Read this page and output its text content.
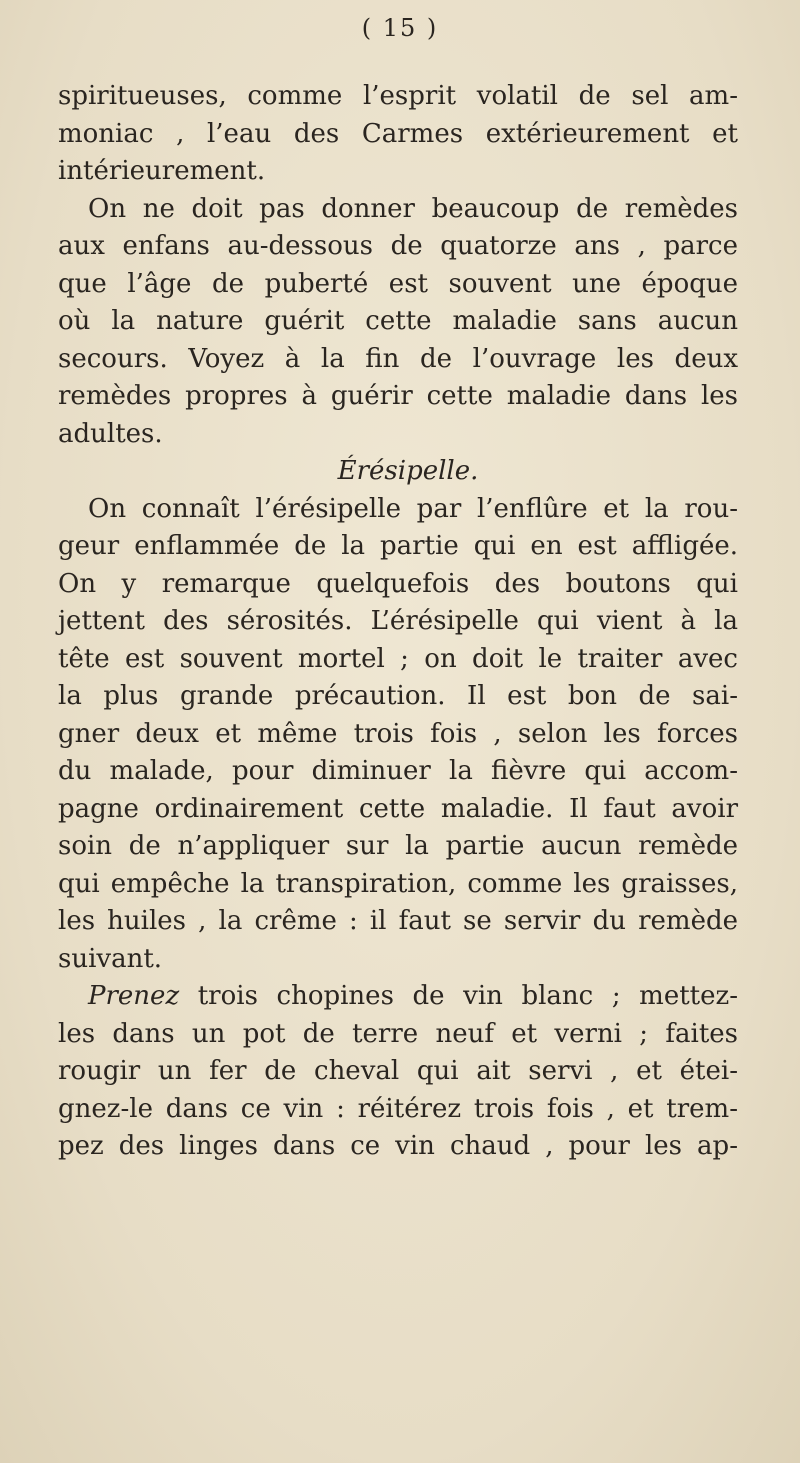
( 15 )
spiritueuses, comme l’esprit volatil de sel am-
moniac , l’eau des Carmes extérieurement et
intérieurement.
On ne doit pas donner beaucoup de remèdes
aux enfans au-dessous de quatorze ans , parce
que l’âge de puberté est souvent une époque
où la nature guérit cette maladie sans aucun
secours. Voyez à la fin de l’ouvrage les deux
remèdes propres à guérir cette maladie dans les
adultes.
Érésipelle.
On connaît l’érésipelle par l’enflûre et la rou-
geur enflammée de la partie qui en est affligée.
On y remarque quelquefois des boutons qui
jettent des sérosités. L’érésipelle qui vient à la
tête est souvent mortel ; on doit le traiter avec
la plus grande précaution. Il est bon de sai-
gner deux et même trois fois , selon les forces
du malade, pour diminuer la fièvre qui accom-
pagne ordinairement cette maladie. Il faut avoir
soin de n’appliquer sur la partie aucun remède
qui empêche la transpiration, comme les graisses,
les huiles , la crême : il faut se servir du remède
suivant.
Prenez trois chopines de vin blanc ; mettez-
les dans un pot de terre neuf et verni ; faites
rougir un fer de cheval qui ait servi , et étei-
gnez-le dans ce vin : réitérez trois fois , et trem-
pez des linges dans ce vin chaud , pour les ap-
